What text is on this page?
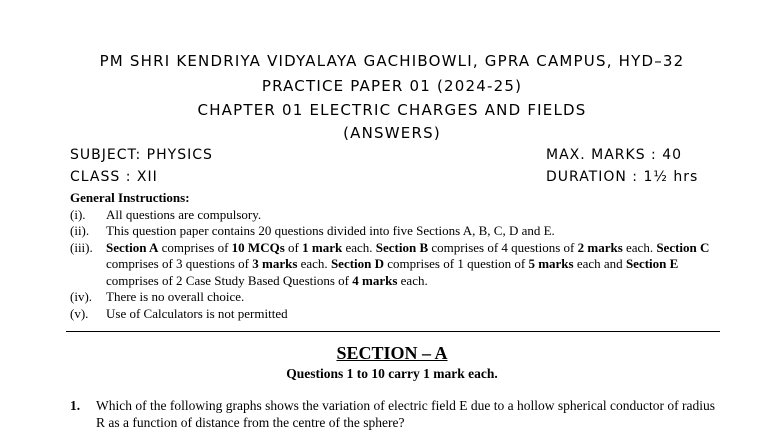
PM SHRI KENDRIYA VIDYALAYA GACHIBOWLI, GPRA CAMPUS, HYD–32
PRACTICE PAPER 01 (2024-25)
CHAPTER 01 ELECTRIC CHARGES AND FIELDS
(ANSWERS)
SUBJECT: PHYSICS	MAX. MARKS : 40
CLASS : XII	DURATION : 1½ hrs
General Instructions:
(i).	All questions are compulsory.
(ii).	This question paper contains 20 questions divided into five Sections A, B, C, D and E.
(iii).	Section A comprises of 10 MCQs of 1 mark each. Section B comprises of 4 questions of 2 marks each. Section C comprises of 3 questions of 3 marks each. Section D comprises of 1 question of 5 marks each and Section E comprises of 2 Case Study Based Questions of 4 marks each.
(iv).	There is no overall choice.
(v).	Use of Calculators is not permitted
SECTION – A
Questions 1 to 10 carry 1 mark each.
1.	Which of the following graphs shows the variation of electric field E due to a hollow spherical conductor of radius R as a function of distance from the centre of the sphere?
